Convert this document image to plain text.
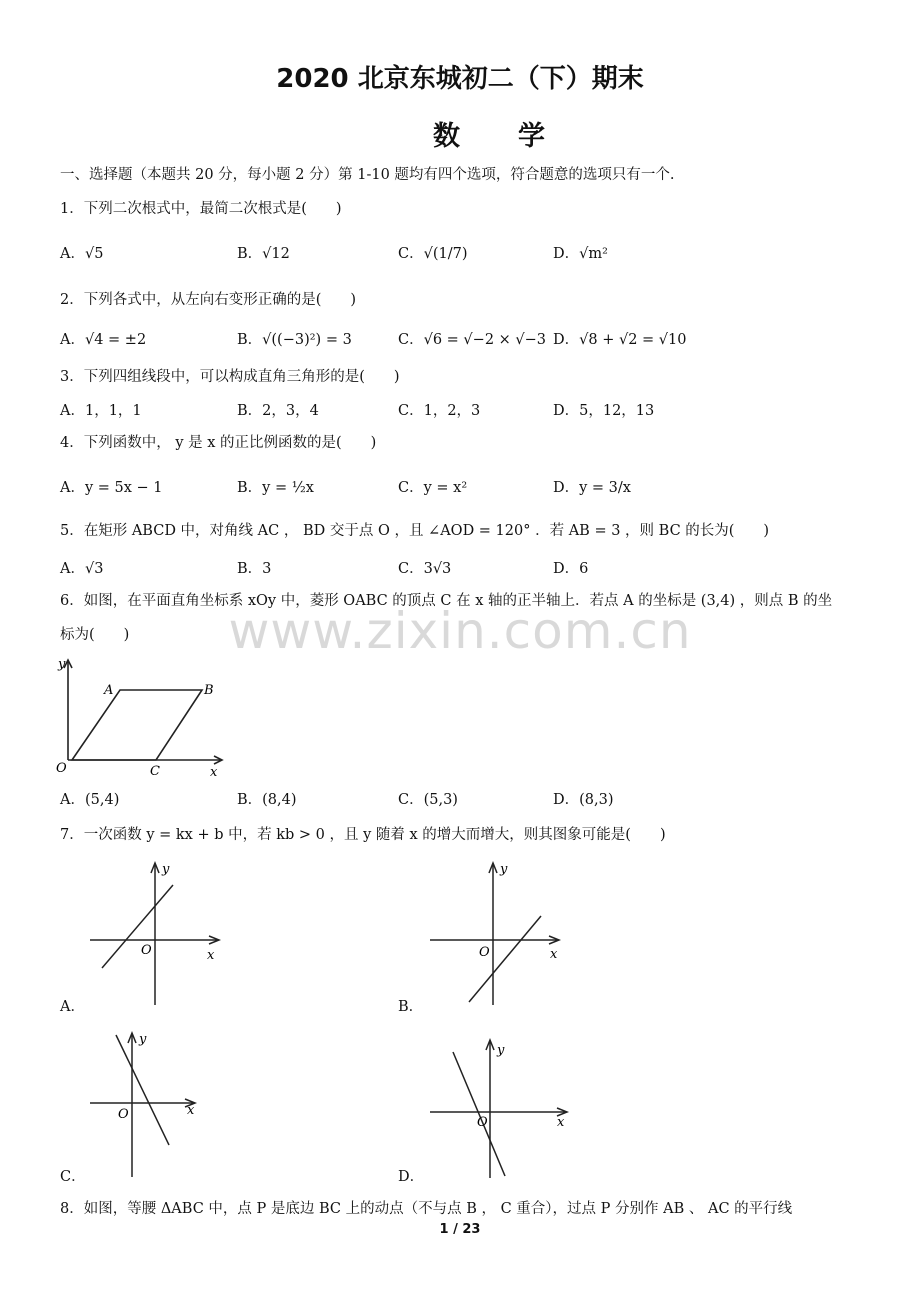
2020 北京东城初二（下）期末
数学
一、选择题（本题共 20 分，每小题 2 分）第 1-10 题均有四个选项，符合题意的选项只有一个.
1．下列二次根式中，最简二次根式是(　　)
A．√5	B．√12	C．√(1/7)	D．√m²
2．下列各式中，从左向右变形正确的是(　　)
A．√4 = ±2	B．√((−3)²) = 3	C．√6 = √−2 × √−3 D．√8 + √2 = √10
3．下列四组线段中，可以构成直角三角形的是(　　)
A．1，1，1	B．2，3，4	C．1，2，3	D．5，12，13
4．下列函数中， y 是 x 的正比例函数的是(　　)
A．y = 5x − 1	B．y = ½x	C．y = x²	D．y = 3/x
5．在矩形 ABCD 中，对角线 AC ， BD 交于点 O ，且 ∠AOD = 120° ．若 AB = 3 ，则 BC 的长为(　　)
A．√3	B．3	C．3√3	D．6
6．如图，在平面直角坐标系 xOy 中，菱形 OABC 的顶点 C 在 x 轴的正半轴上．若点 A 的坐标是 (3,4) ，则点 B 的坐
标为(　　)	www.zixin.com.cn
y
A	B
O	C	x
A．(5,4)	B．(8,4)	C．(5,3)	D．(8,3)
7．一次函数 y = kx + b 中，若 kb > 0 ，且 y 随着 x 的增大而增大，则其图象可能是(　　)
y
O	x
A．
y
O	x
B．
y
O	x
C．
y
O	x
D．
8．如图，等腰 ΔABC 中，点 P 是底边 BC 上的动点（不与点 B ， C 重合），过点 P 分别作 AB 、 AC 的平行线
1 / 23
